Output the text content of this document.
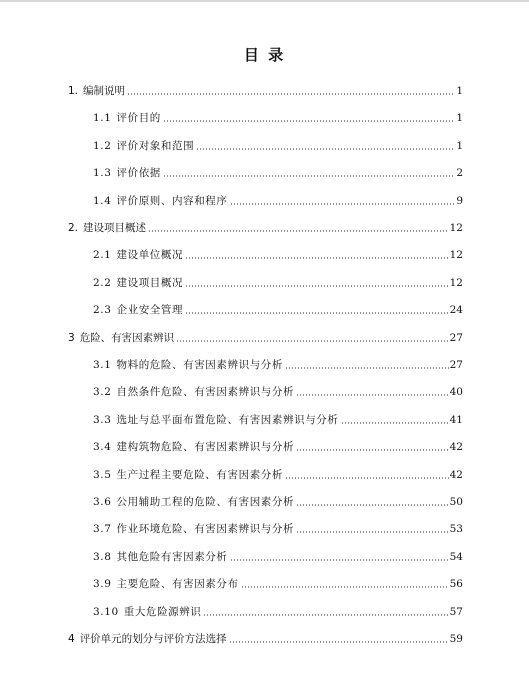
目 录
1. 编制说明	1
1.1 评价目的	1
1.2 评价对象和范围	1
1.3 评价依据	2
1.4 评价原则、内容和程序	9
2. 建设项目概述	12
2.1 建设单位概况	12
2.2 建设项目概况	12
2.3 企业安全管理	24
3 危险、有害因素辨识	27
3.1 物料的危险、有害因素辨识与分析	27
3.2 自然条件危险、有害因素辨识与分析	40
3.3 选址与总平面布置危险、有害因素辨识与分析	41
3.4 建构筑物危险、有害因素辨识与分析	42
3.5 生产过程主要危险、有害因素分析	42
3.6 公用辅助工程的危险、有害因素分析	50
3.7 作业环境危险、有害因素辨识与分析	53
3.8 其他危险有害因素分析	54
3.9 主要危险、有害因素分布	56
3.10 重大危险源辨识	57
4 评价单元的划分与评价方法选择	59
